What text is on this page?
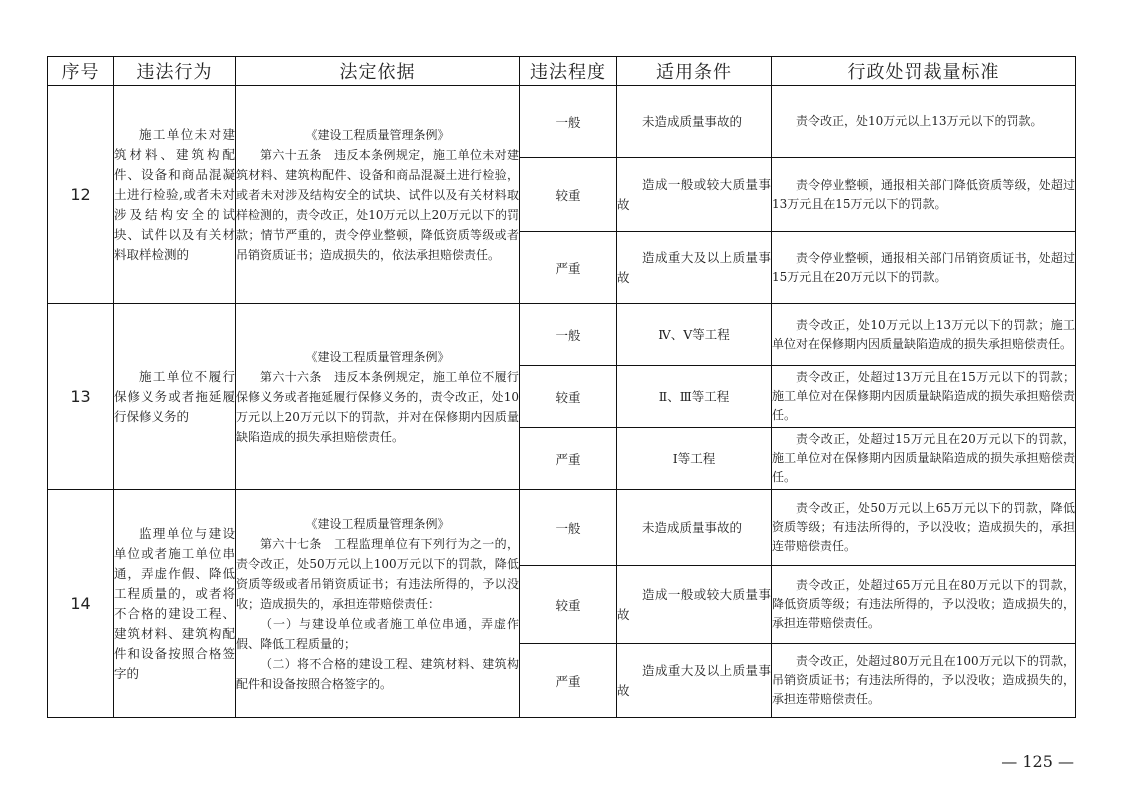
序号	违法行为	法定依据	违法程度	适用条件	行政处罚裁量标准
12	施工单位未对建筑材料、建筑构配件、设备和商品混凝土进行检验,或者未对涉及结构安全的试块、试件以及有关材料取样检测的	《建设工程质量管理条例》
第六十五条　违反本条例规定，施工单位未对建筑材料、建筑构配件、设备和商品混凝土进行检验，或者未对涉及结构安全的试块、试件以及有关材料取样检测的，责令改正，处10万元以上20万元以下的罚款；情节严重的，责令停业整顿，降低资质等级或者吊销资质证书；造成损失的，依法承担赔偿责任。	一般	未造成质量事故的	责令改正，处10万元以上13万元以下的罚款。

			较重	造成一般或较大质量事故	责令停业整顿，通报相关部门降低资质等级，处超过13万元且在15万元以下的罚款。

			严重	造成重大及以上质量事故	责令停业整顿，通报相关部门吊销资质证书，处超过15万元且在20万元以下的罚款。

13	施工单位不履行保修义务或者拖延履行保修义务的	《建设工程质量管理条例》
第六十六条　违反本条例规定，施工单位不履行保修义务或者拖延履行保修义务的，责令改正，处10万元以上20万元以下的罚款，并对在保修期内因质量缺陷造成的损失承担赔偿责任。	一般	Ⅳ、Ⅴ等工程	责令改正，处10万元以上13万元以下的罚款；施工单位对在保修期内因质量缺陷造成的损失承担赔偿责任。

			较重	Ⅱ、Ⅲ等工程	责令改正，处超过13万元且在15万元以下的罚款；施工单位对在保修期内因质量缺陷造成的损失承担赔偿责任。

			严重	Ⅰ等工程	责令改正，处超过15万元且在20万元以下的罚款，施工单位对在保修期内因质量缺陷造成的损失承担赔偿责任。

14	监理单位与建设单位或者施工单位串通，弄虚作假、降低工程质量的，或者将不合格的建设工程、建筑材料、建筑构配件和设备按照合格签字的	《建设工程质量管理条例》
第六十七条　工程监理单位有下列行为之一的，责令改正，处50万元以上100万元以下的罚款，降低资质等级或者吊销资质证书；有违法所得的，予以没收；造成损失的，承担连带赔偿责任：
（一）与建设单位或者施工单位串通，弄虚作假、降低工程质量的；
（二）将不合格的建设工程、建筑材料、建筑构配件和设备按照合格签字的。	一般	未造成质量事故的	责令改正，处50万元以上65万元以下的罚款，降低资质等级；有违法所得的，予以没收；造成损失的，承担连带赔偿责任。

			较重	造成一般或较大质量事故	责令改正，处超过65万元且在80万元以下的罚款，降低资质等级；有违法所得的，予以没收；造成损失的，承担连带赔偿责任。

			严重	造成重大及以上质量事故	责令改正，处超过80万元且在100万元以下的罚款，吊销资质证书；有违法所得的，予以没收；造成损失的，承担连带赔偿责任。
— 125 —
